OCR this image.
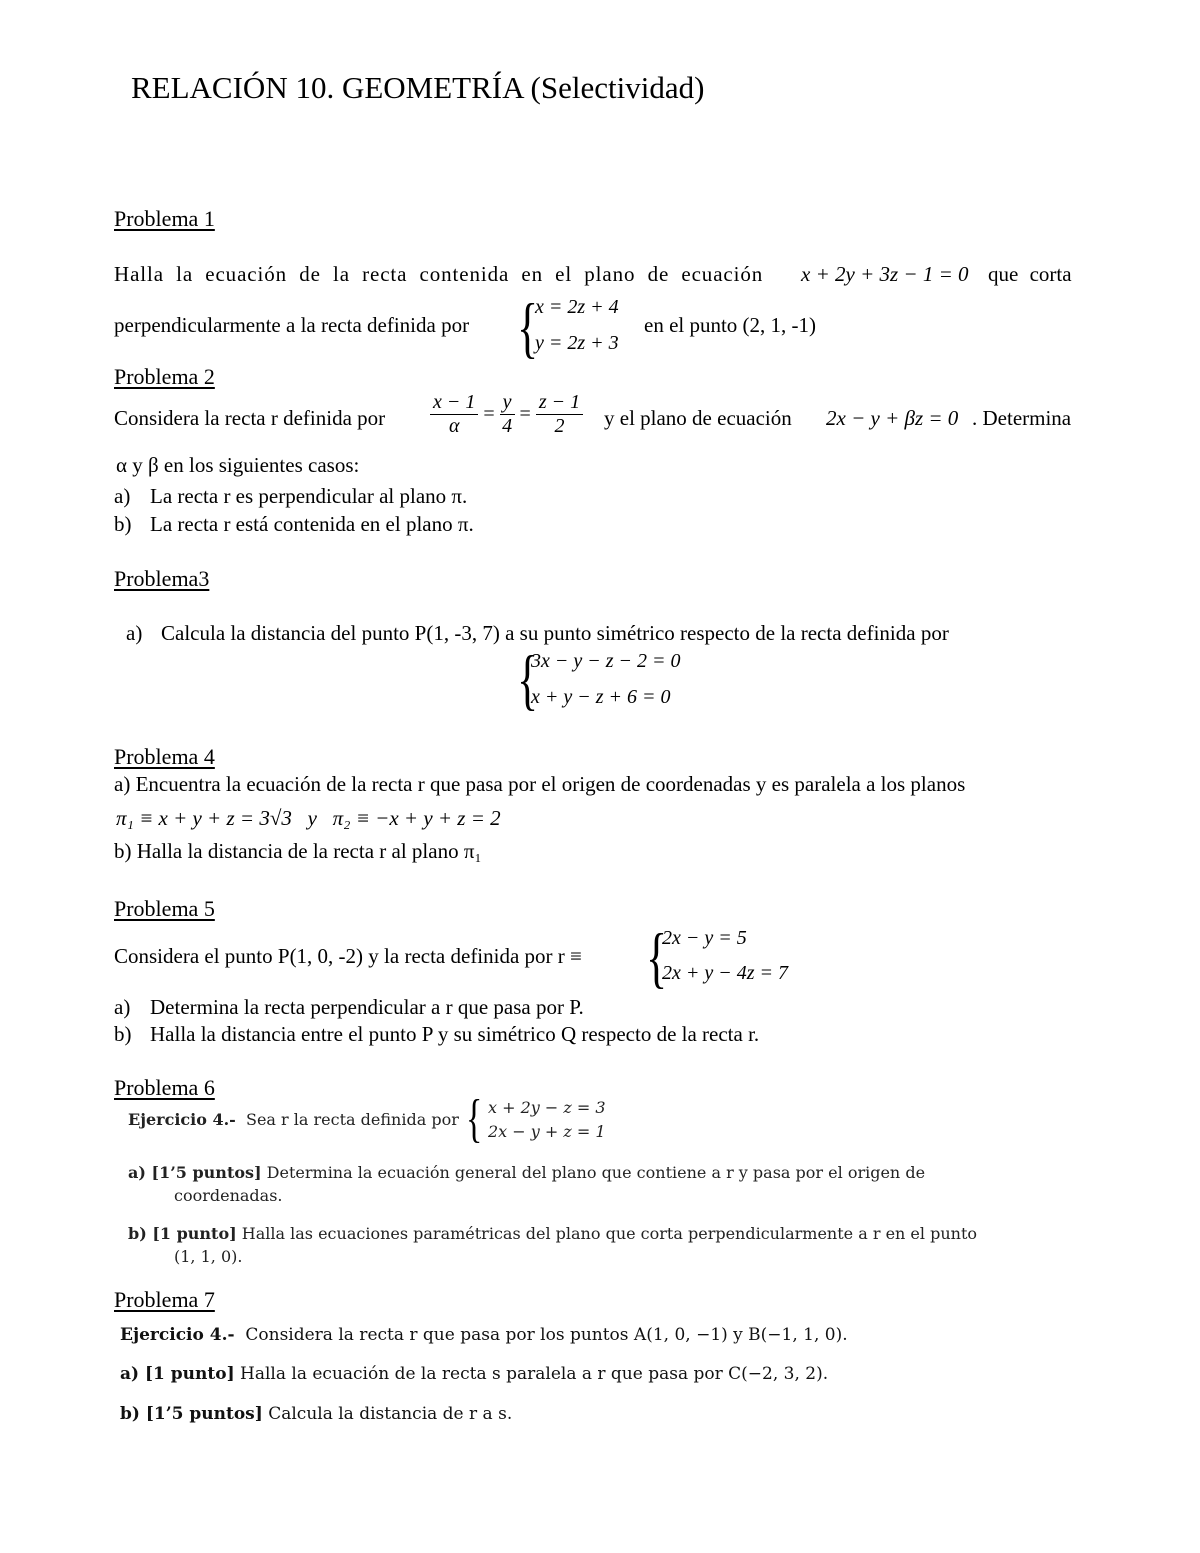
RELACIÓN 10. GEOMETRÍA (Selectividad)
Problema 1
Halla la ecuación de la recta contenida en el plano de ecuación	x + 2y + 3z − 1 = 0 que corta
perpendicularmente a la recta definida por {
x = 2z + 4
y = 2z + 3
en el punto (2, 1, -1)
Problema 2
Considera la recta r definida por $\frac{x - 1}{\alpha} = \frac{y}{4} = \frac{z - 1}{2}$ y el plano de ecuación 2x − y + βz = 0 . Determina
α y β en los siguientes casos:
a) La recta r es perpendicular al plano π.
b) La recta r está contenida en el plano π.
Problema3
a) Calcula la distancia del punto P(1, -3, 7) a su punto simétrico respecto de la recta definida por
{
3x − y − z − 2 = 0
x + y − z + 6 = 0
Problema 4
a) Encuentra la ecuación de la recta r que pasa por el origen de coordenadas y es paralela a los planos
π₁ ≡ x + y + z = 3√3   y   π₂ ≡ −x + y + z = 2
b) Halla la distancia de la recta r al plano π₁
Problema 5
Considera el punto P(1, 0, -2) y la recta definida por r ≡ {
2x − y = 5
2x + y − 4z = 7
a) Determina la recta perpendicular a r que pasa por P.
b) Halla la distancia entre el punto P y su simétrico Q respecto de la recta r.
Problema 6
Ejercicio 4.- Sea r la recta definida por { x + 2y − z = 3
2x − y + z = 1
a) [1’5 puntos] Determina la ecuación general del plano que contiene a r y pasa por el origen de
coordenadas.
b) [1 punto] Halla las ecuaciones paramétricas del plano que corta perpendicularmente a r en el punto
(1, 1, 0).
Problema 7
Ejercicio 4.- Considera la recta r que pasa por los puntos A(1, 0, −1) y B(−1, 1, 0).
a) [1 punto] Halla la ecuación de la recta s paralela a r que pasa por C(−2, 3, 2).
b) [1’5 puntos] Calcula la distancia de r a s.
